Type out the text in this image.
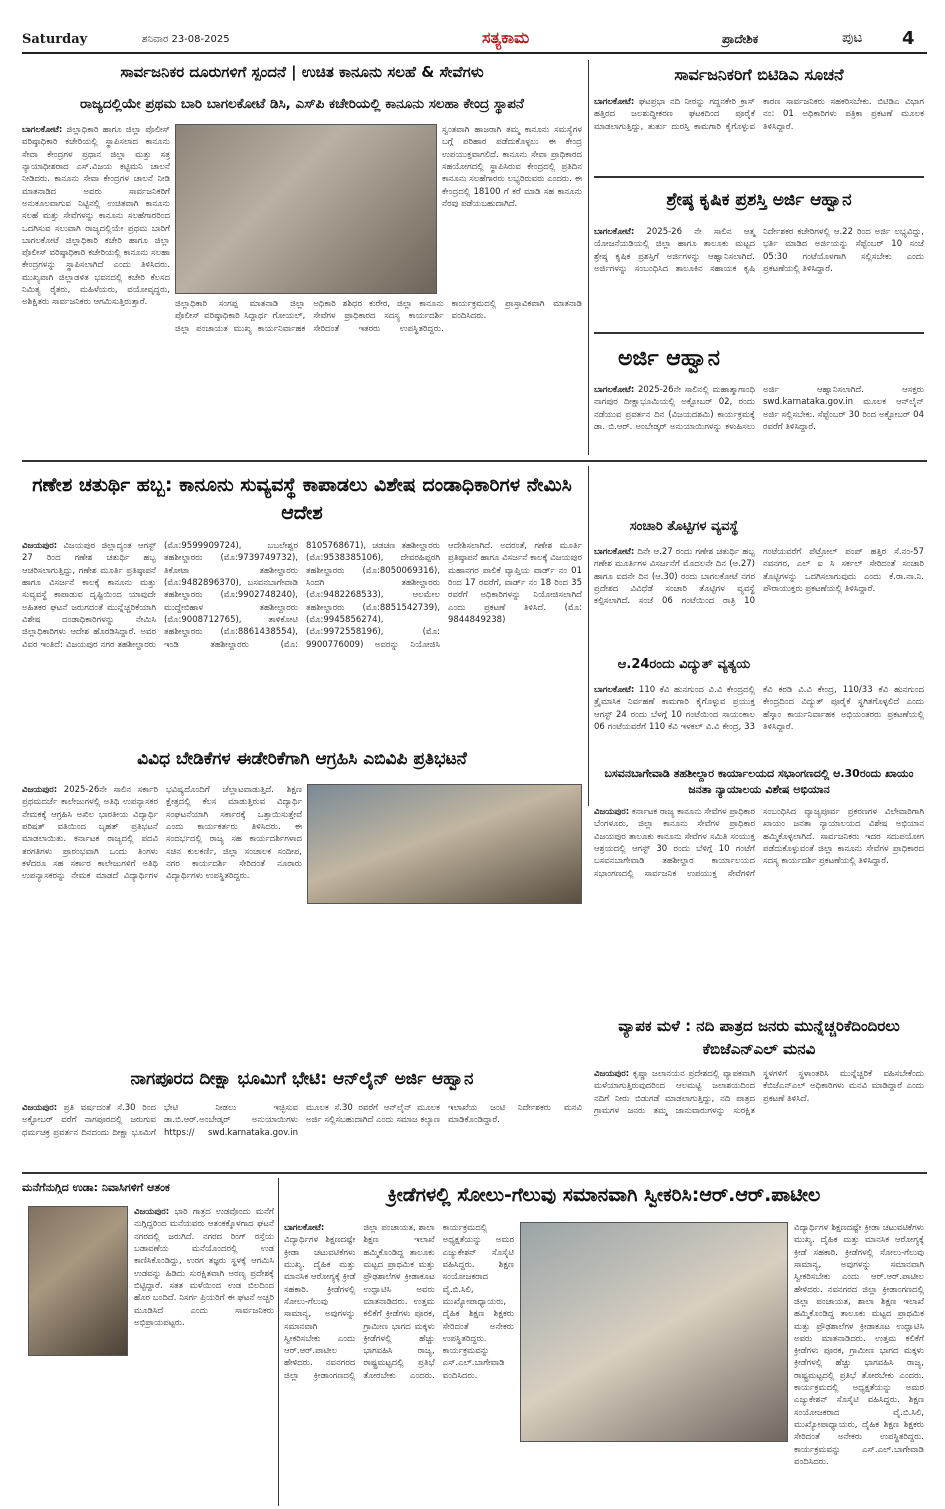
Saturday	ಶನಿವಾರ 23-08-2025	ಸತ್ಯಕಾಮ	ಪ್ರಾದೇಶಿಕ	ಪುಟ 4
ಸಾರ್ವಜನಿಕರ ದೂರುಗಳಿಗೆ ಸ್ಪಂದನೆ | ಉಚಿತ ಕಾನೂನು ಸಲಹೆ & ಸೇವೆಗಳು
ರಾಜ್ಯದಲ್ಲಿಯೇ ಪ್ರಥಮ ಬಾರಿ ಬಾಗಲಕೋಟೆ ಡಿಸಿ, ಎಸ್‌ಪಿ ಕಚೇರಿಯಲ್ಲಿ ಕಾನೂನು ಸಲಹಾ ಕೇಂದ್ರ ಸ್ಥಾಪನೆ
ಬಾಗಲಕೋಟೆ: ಜಿಲ್ಲಾಧಿಕಾರಿ ಹಾಗೂ ಜಿಲ್ಲಾ ಪೊಲೀಸ್ ವರಿಷ್ಠಾಧಿಕಾರಿ ಕಚೇರಿಯಲ್ಲಿ ಸ್ಥಾಪಿಸಲಾದ ಕಾನೂನು ಸೇವಾ ಕೇಂದ್ರಗಳ ಪ್ರಧಾನ ಜಿಲ್ಲಾ ಮತ್ತು ಸತ್ರ ನ್ಯಾಯಾಧೀಶರಾದ ಎಸ್.ವಿಜಯ ಕಟ್ಟಿಮನಿ ಚಾಲನೆ ನೀಡಿದರು. ಕಾನೂನು ಸೇವಾ ಕೇಂದ್ರಗಳ ಚಾಲನೆ ನೀಡಿ ಮಾತನಾಡಿದ ಅವರು ಸಾರ್ವಜನಿಕರಿಗೆ ಅನುಕೂಲವಾಗುವ ನಿಟ್ಟಿನಲ್ಲಿ ಉಚಿತವಾಗಿ ಕಾನೂನು ಸಲಹೆ ಮತ್ತು ಸೇವೆಗಳನ್ನು ಕಾನೂನು ಸಲಹೆಗಾರರಿಂದ ಒದಗಿಸುವ ಸಲುವಾಗಿ ರಾಜ್ಯದಲ್ಲಿಯೇ ಪ್ರಥಮ ಬಾರಿಗೆ ಬಾಗಲಕೋಟೆ ಜಿಲ್ಲಾಧಿಕಾರಿ ಕಚೇರಿ ಹಾಗೂ ಜಿಲ್ಲಾ ಪೊಲೀಸ್ ವರಿಷ್ಠಾಧಿಕಾರಿ ಕಚೇರಿಯಲ್ಲಿ ಕಾನೂನು ಸಲಹಾ ಕೇಂದ್ರಗಳನ್ನು ಸ್ಥಾಪಿಸಲಾಗಿದೆ ಎಂದು ತಿಳಿಸಿದರು. ಮುಖ್ಯವಾಗಿ ಜಿಲ್ಲಾಡಳಿತ ಭವನದಲ್ಲಿ ಕಚೇರಿ ಕೆಲಸದ ನಿಮಿತ್ಯ ರೈತರು, ಮಹಿಳೆಯರು, ವಯೋವೃದ್ಧರು, ಅಶಿಕ್ಷಿತರು ಸಾರ್ವಜನಿಕರು ಆಗಮಿಸುತ್ತಿರುತ್ತಾರೆ.
ಸ್ವಂತವಾಗಿ ಹಾಜರಾಗಿ ತಮ್ಮ ಕಾನೂನು ಸಮಸ್ಯೆಗಳ ಬಗ್ಗೆ ಪರಿಹಾರ ಪಡೆದುಕೊಳ್ಳಲು ಈ ಕೇಂದ್ರ ಉಪಯುಕ್ತವಾಗಲಿದೆ. ಕಾನೂನು ಸೇವಾ ಪ್ರಾಧಿಕಾರದ ಸಹಯೋಗದಲ್ಲಿ ಸ್ಥಾಪಿಸಿರುವ ಕೇಂದ್ರದಲ್ಲಿ ಪ್ರತಿದಿನ ಕಾನೂನು ಸಲಹೆಗಾರರು ಲಭ್ಯರಿರುವರು ಎಂದರು. ಈ ಕೇಂದ್ರದಲ್ಲಿ 18100 ಗೆ ಕರೆ ಮಾಡಿ ಸಹ ಕಾನೂನು ನೆರವು ಪಡೆಯಬಹುದಾಗಿದೆ.
ಜಿಲ್ಲಾಧಿಕಾರಿ ಸಂಗಪ್ಪ ಮಾತನಾಡಿ ಜಿಲ್ಲಾ ಪೊಲೀಸ್ ವರಿಷ್ಠಾಧಿಕಾರಿ ಸಿದ್ದಾರ್ಥ ಗೋಯಲ್, ಜಿಲ್ಲಾ ಪಂಚಾಯತ ಮುಖ್ಯ ಕಾರ್ಯನಿರ್ವಾಹಕ ಅಧಿಕಾರಿ ಶಶಿಧರ ಕುರೇರ, ಜಿಲ್ಲಾ ಕಾನೂನು ಸೇವೆಗಳ ಪ್ರಾಧಿಕಾರದ ಸದಸ್ಯ ಕಾರ್ಯದರ್ಶಿ ಸೇರಿದಂತೆ ಇತರರು ಉಪಸ್ಥಿತರಿದ್ದರು. ಕಾರ್ಯಕ್ರಮದಲ್ಲಿ ಪ್ರಾಸ್ತಾವಿಕವಾಗಿ ಮಾತನಾಡಿ ವಂದಿಸಿದರು.
ಸಾರ್ವಜನಿಕರಿಗೆ ಬಿಟಿಡಿಎ ಸೂಚನೆ
ಬಾಗಲಕೋಟೆ: ಘಟಪ್ರಭಾ ನದಿ ನೀರನ್ನು ಗದ್ದನಕೇರಿ ಕ್ರಾಸ್ ಹತ್ತಿರದ ಜಲಶುದ್ಧೀಕರಣ ಘಟಕದಿಂದ ಪೂರೈಕೆ ಮಾಡಲಾಗುತ್ತಿದ್ದು, ತುರ್ತು ದುರಸ್ತಿ ಕಾಮಗಾರಿ ಕೈಗೊಳ್ಳುವ ಕಾರಣ ಸಾರ್ವಜನಿಕರು ಸಹಕರಿಸಬೇಕು. ಬಿಟಿಡಿಎ ವಿಭಾಗ ನಂ: 01 ಅಧಿಕಾರಿಗಳು ಪತ್ರಿಕಾ ಪ್ರಕಟಣೆ ಮೂಲಕ ತಿಳಿಸಿದ್ದಾರೆ.
ಶ್ರೇಷ್ಠ ಕೃಷಿಕ ಪ್ರಶಸ್ತಿ ಅರ್ಜಿ ಆಹ್ವಾನ
ಬಾಗಲಕೋಟೆ: 2025-26 ನೇ ಸಾಲಿನ ಆತ್ಮ ಯೋಜನೆಯಡಿಯಲ್ಲಿ ಜಿಲ್ಲಾ ಹಾಗೂ ತಾಲೂಕು ಮಟ್ಟದ ಶ್ರೇಷ್ಠ ಕೃಷಿಕ ಪ್ರಶಸ್ತಿಗೆ ಅರ್ಜಿಗಳನ್ನು ಆಹ್ವಾನಿಸಲಾಗಿದೆ. ಅರ್ಜಿಗಳನ್ನು ಸಂಬಂಧಿಸಿದ ತಾಲೂಕಿನ ಸಹಾಯಕ ಕೃಷಿ ನಿರ್ದೇಶಕರ ಕಚೇರಿಗಳಲ್ಲಿ ಆ.22 ರಿಂದ ಅರ್ಜಿ ಲಭ್ಯವಿದ್ದು, ಭರ್ತಿ ಮಾಡಿದ ಅರ್ಜಿಯನ್ನು ಸೆಪ್ಟೆಂಬರ್ 10 ಸಂಜೆ 05:30 ಗಂಟೆಯೊಳಗಾಗಿ ಸಲ್ಲಿಸಬೇಕು ಎಂದು ಪ್ರಕಟಣೆಯಲ್ಲಿ ತಿಳಿಸಿದ್ದಾರೆ.
ಅರ್ಜಿ ಆಹ್ವಾನ
ಬಾಗಲಕೋಟೆ: 2025-26ನೇ ಸಾಲಿನಲ್ಲಿ ಮಹಾತ್ಮಾಗಾಂಧಿ ನಾಗಪುರ ದೀಕ್ಷಾಭೂಮಿಯಲ್ಲಿ ಅಕ್ಟೋಬರ್ 02, ರಂದು ನಡೆಯುವ ಪ್ರವರ್ತನ ದಿನ (ವಿಜಯದಶಮಿ) ಕಾರ್ಯಕ್ರಮಕ್ಕೆ ಡಾ. ಬಿ.ಆರ್. ಅಂಬೇಡ್ಕರ್ ಅನುಯಾಯಿಗಳನ್ನು ಕಳುಹಿಸಲು ಅರ್ಜಿ ಆಹ್ವಾನಿಸಲಾಗಿದೆ. ಆಸಕ್ತರು swd.karnataka.gov.in ಮೂಲಕ ಆನ್‌ಲೈನ್ ಅರ್ಜಿ ಸಲ್ಲಿಸಬೇಕು. ಸೆಪ್ಟೆಂಬರ್ 30 ರಿಂದ ಅಕ್ಟೋಬರ್ 04 ರವರೆಗೆ ತಿಳಿಸಿದ್ದಾರೆ.
ಗಣೇಶ ಚತುರ್ಥಿ ಹಬ್ಬ: ಕಾನೂನು ಸುವ್ಯವಸ್ಥೆ ಕಾಪಾಡಲು ವಿಶೇಷ ದಂಡಾಧಿಕಾರಿಗಳ ನೇಮಿಸಿ ಆದೇಶ
ವಿಜಯಪುರ: ವಿಜಯಪುರ ಜಿಲ್ಲಾದ್ಯಂತ ಆಗಸ್ಟ್ 27 ರಿಂದ ಗಣೇಶ ಚತುರ್ಥಿ ಹಬ್ಬ ಆಚರಿಸಲಾಗುತ್ತಿದ್ದು, ಗಣೇಶ ಮೂರ್ತಿ ಪ್ರತಿಷ್ಠಾಪನೆ ಹಾಗೂ ವಿಸರ್ಜನೆ ಕಾಲಕ್ಕೆ ಕಾನೂನು ಮತ್ತು ಸುವ್ಯವಸ್ಥೆ ಕಾಪಾಡುವ ದೃಷ್ಟಿಯಿಂದ ಯಾವುದೇ ಅಹಿತಕರ ಘಟನೆ ಜರುಗದಂತೆ ಮುನ್ನೆಚ್ಚರಿಕೆಯಾಗಿ ವಿಶೇಷ ದಂಡಾಧಿಕಾರಿಗಳನ್ನು ನೇಮಿಸಿ ಜಿಲ್ಲಾಧಿಕಾರಿಗಳು ಆದೇಶ ಹೊರಡಿಸಿದ್ದಾರೆ. ಅವರ ವಿವರ ಇಂತಿದೆ: ವಿಜಯಪುರ ನಗರ ತಹಶೀಲ್ದಾರರು (ಮೊ:9599909724), ಬಬಲೇಶ್ವರ ತಹಶೀಲ್ದಾರರು (ಮೊ:9739749732), ತಿಕೋಟಾ ತಹಶೀಲ್ದಾರರು (ಮೊ:9482896370), ಬಸವನಬಾಗೇವಾಡಿ ತಹಶೀಲ್ದಾರರು (ಮೊ:9902748240), ಮುದ್ದೇಬಿಹಾಳ ತಹಶೀಲ್ದಾರರು (ಮೊ:9008712765), ತಾಳಿಕೋಟಿ ತಹಶೀಲ್ದಾರರು (ಮೊ:8861438554), ಇಂಡಿ ತಹಶೀಲ್ದಾರರು (ಮೊ: 8105768671), ಚಡಚಣ ತಹಶೀಲ್ದಾರರು (ಮೊ:9538385106), ದೇವರಹಿಪ್ಪರಗಿ ತಹಶೀಲ್ದಾರರು (ಮೊ:8050069316), ಸಿಂದಗಿ ತಹಶೀಲ್ದಾರರು (ಮೊ:9482268533), ಆಲಮೇಲ ತಹಶೀಲ್ದಾರರು (ಮೊ:8851542739), (ಮೊ:9945856274), (ಮೊ:9972558196), (ಮೊ: 9900776009) ಅವರನ್ನು ನಿಯೋಜಿಸಿ ಆದೇಶಿಸಲಾಗಿದೆ. ಅದರಂತೆ, ಗಣೇಶ ಮೂರ್ತಿ ಪ್ರತಿಷ್ಠಾಪನೆ ಹಾಗೂ ವಿಸರ್ಜನೆ ಕಾಲಕ್ಕೆ ವಿಜಯಪುರ ಮಹಾನಗರ ಪಾಲಿಕೆ ವ್ಯಾಪ್ತಿಯ ವಾರ್ಡ್ ನಂ 01 ರಿಂದ 17 ರವರೆಗೆ, ವಾರ್ಡ್ ನಂ 18 ರಿಂದ 35 ರವರೆಗೆ ಅಧಿಕಾರಿಗಳನ್ನು ನಿಯೋಜಿಸಲಾಗಿದೆ ಎಂದು ಪ್ರಕಟಣೆ ತಿಳಿಸಿದೆ. (ಮೊ: 9844849238)
ಸಂಚಾರಿ ತೊಟ್ಟಿಗಳ ವ್ಯವಸ್ಥೆ
ಬಾಗಲಕೋಟೆ: ದಿನೇ ಆ.27 ರಂದು ಗಣೇಶ ಚತುರ್ಥಿ ಹಬ್ಬ ಗಣೇಶ ಮೂರ್ತಿಗಳ ವಿಸರ್ಜನೆಗೆ ಮೊದಲನೇ ದಿನ (ಆ.27) ಹಾಗೂ ಐದನೇ ದಿನ (ಆ.30) ರಂದು ಬಾಗಲಕೋಟೆ ನಗರ ಪ್ರದೇಶದ ವಿವಿಧೆಡೆ ಸಂಚಾರಿ ತೊಟ್ಟಿಗಳ ವ್ಯವಸ್ಥೆ ಕಲ್ಪಿಸಲಾಗಿದೆ. ಸಂಜೆ 06 ಗಂಟೆಯಿಂದ ರಾತ್ರಿ 10 ಗಂಟೆಯವರೆಗೆ ಪೆಟ್ರೋಲ್ ಪಂಪ್ ಹತ್ತಿರ ಸೆ.ನಂ-57 ನವನಗರ, ಎಲ್ ಐ ಸಿ ಸರ್ಕಲ್ ಸೇರಿದಂತೆ ಸಂಚಾರಿ ತೊಟ್ಟಿಗಳನ್ನು ಒದಗಿಸಲಾಗುವುದು ಎಂದು ಕೆ.ರಾ.ನಾ.ನಿ. ಪೌರಾಯುಕ್ತರು ಪ್ರಕಟಣೆಯಲ್ಲಿ ತಿಳಿಸಿದ್ದಾರೆ.
ಆ.24ರಂದು ವಿದ್ಯುತ್ ವ್ಯತ್ಯಯ
ಬಾಗಲಕೋಟೆ: 110 ಕೆವಿ ಹುನಗುಂದ ವಿ.ವಿ ಕೇಂದ್ರದಲ್ಲಿ ತ್ರೈಮಾಸಿಕ ನಿರ್ವಹಣೆ ಕಾಮಗಾರಿ ಕೈಗೊಳ್ಳುವ ಪ್ರಯುಕ್ತ ಆಗಸ್ಟ್ 24 ರಂದು ಬೆಳಗ್ಗೆ 10 ಗಂಟೆಯಿಂದ ಸಾಯಂಕಾಲ 06 ಗಂಟೆಯವರೆಗೆ 110 ಕೆವಿ ಇಳಕಲ್ ವಿ.ವಿ ಕೇಂದ್ರ, 33 ಕೆವಿ ಕರಡಿ ವಿ.ವಿ ಕೇಂದ್ರ, 110/33 ಕೆವಿ ಹುನಗುಂದ ಕೇಂದ್ರದಿಂದ ವಿದ್ಯುತ್ ಪೂರೈಕೆ ಸ್ಥಗಿತಗೊಳ್ಳಲಿದೆ ಎಂದು ಹೆಸ್ಕಾಂ ಕಾರ್ಯನಿರ್ವಾಹಕ ಅಭಿಯಂತರರು ಪ್ರಕಟಣೆಯಲ್ಲಿ ತಿಳಿಸಿದ್ದಾರೆ.
ವಿವಿಧ ಬೇಡಿಕೆಗಳ ಈಡೇರಿಕೆಗಾಗಿ ಆಗ್ರಹಿಸಿ ಎಬಿವಿಪಿ ಪ್ರತಿಭಟನೆ
ವಿಜಯಪುರ: 2025-26ನೇ ಸಾಲಿನ ಸರ್ಕಾರಿ ಪ್ರಥಮದರ್ಜೆ ಕಾಲೇಜುಗಳಲ್ಲಿ ಅತಿಥಿ ಉಪನ್ಯಾಸಕರ ನೇಮಕಕ್ಕೆ ಆಗ್ರಹಿಸಿ ಅಖಿಲ ಭಾರತೀಯ ವಿದ್ಯಾರ್ಥಿ ಪರಿಷತ್ ವತಿಯಿಂದ ಬೃಹತ್ ಪ್ರತಿಭಟನೆ ಮಾಡಲಾಯಿತು. ಕರ್ನಾಟಕ ರಾಜ್ಯದಲ್ಲಿ ಪದವಿ ತರಗತಿಗಳು ಪ್ರಾರಂಭವಾಗಿ ಒಂದು ತಿಂಗಳು ಕಳೆದರೂ ಸಹ ಸರ್ಕಾರ ಕಾಲೇಜುಗಳಿಗೆ ಅತಿಥಿ ಉಪನ್ಯಾಸಕರನ್ನು ನೇಮಕ ಮಾಡದೆ ವಿದ್ಯಾರ್ಥಿಗಳ ಭವಿಷ್ಯದೊಂದಿಗೆ ಚೆಲ್ಲಾಟವಾಡುತ್ತಿದೆ. ಶಿಕ್ಷಣ ಕ್ಷೇತ್ರದಲ್ಲಿ ಕೆಲಸ ಮಾಡುತ್ತಿರುವ ವಿದ್ಯಾರ್ಥಿ ಸಂಘಟನೆಯಾಗಿ ಸರ್ಕಾರಕ್ಕೆ ಒತ್ತಾಯಿಸುತ್ತೇವೆ ಎಂದು ಕಾರ್ಯಕರ್ತರು ತಿಳಿಸಿದರು. ಈ ಸಂದರ್ಭದಲ್ಲಿ ರಾಜ್ಯ ಸಹ ಕಾರ್ಯದರ್ಶಿಗಳಾದ ಸಚಿನ ಕುಲಕರ್ಣಿ, ಜಿಲ್ಲಾ ಸಂಚಾಲಕ ಸಂದೀಪ, ನಗರ ಕಾರ್ಯದರ್ಶಿ ಸೇರಿದಂತೆ ನೂರಾರು ವಿದ್ಯಾರ್ಥಿಗಳು ಉಪಸ್ಥಿತರಿದ್ದರು.
ಬಸವನಬಾಗೇವಾಡಿ ತಹಶೀಲ್ದಾರ ಕಾರ್ಯಾಲಯದ ಸಭಾಂಗಣದಲ್ಲಿ ಆ.30ರಂದು ಖಾಯಂ ಜನತಾ ನ್ಯಾಯಾಲಯ ವಿಶೇಷ ಅಭಿಯಾನ
ವಿಜಯಪುರ: ಕರ್ನಾಟಕ ರಾಜ್ಯ ಕಾನೂನು ಸೇವೆಗಳ ಪ್ರಾಧಿಕಾರ ಬೆಂಗಳೂರು, ಜಿಲ್ಲಾ ಕಾನೂನು ಸೇವೆಗಳ ಪ್ರಾಧಿಕಾರ ವಿಜಯಪುರ ತಾಲೂಕು ಕಾನೂನು ಸೇವೆಗಳ ಸಮಿತಿ ಸಂಯುಕ್ತ ಆಶ್ರಯದಲ್ಲಿ ಆಗಸ್ಟ್ 30 ರಂದು ಬೆಳಿಗ್ಗೆ 10 ಗಂಟೆಗೆ ಬಸವನಬಾಗೇವಾಡಿ ತಹಶೀಲ್ದಾರ ಕಾರ್ಯಾಲಯದ ಸಭಾಂಗಣದಲ್ಲಿ ಸಾರ್ವಜನಿಕ ಉಪಯುಕ್ತ ಸೇವೆಗಳಿಗೆ ಸಂಬಂಧಿಸಿದ ವ್ಯಾಜ್ಯಪೂರ್ವ ಪ್ರಕರಣಗಳ ವಿಲೇವಾರಿಗಾಗಿ ಖಾಯಂ ಜನತಾ ನ್ಯಾಯಾಲಯದ ವಿಶೇಷ ಅಭಿಯಾನ ಹಮ್ಮಿಕೊಳ್ಳಲಾಗಿದೆ. ಸಾರ್ವಜನಿಕರು ಇದರ ಸದುಪಯೋಗ ಪಡೆದುಕೊಳ್ಳುವಂತೆ ಜಿಲ್ಲಾ ಕಾನೂನು ಸೇವೆಗಳ ಪ್ರಾಧಿಕಾರದ ಸದಸ್ಯ ಕಾರ್ಯದರ್ಶಿ ಪ್ರಕಟಣೆಯಲ್ಲಿ ತಿಳಿಸಿದ್ದಾರೆ.
ವ್ಯಾಪಕ ಮಳೆ : ನದಿ ಪಾತ್ರದ ಜನರು ಮುನ್ನೆಚ್ಚರಿಕೆದಿಂದಿರಲು ಕೆಬಿಜೆಎನ್‌ಎಲ್ ಮನವಿ
ವಿಜಯಪುರ: ಕೃಷ್ಣಾ ಜಲಾನಯನ ಪ್ರದೇಶದಲ್ಲಿ ವ್ಯಾಪಕವಾಗಿ ಮಳೆಯಾಗುತ್ತಿರುವುದರಿಂದ ಆಲಮಟ್ಟಿ ಜಲಾಶಯದಿಂದ ನದಿಗೆ ನೀರು ಬಿಡುಗಡೆ ಮಾಡಲಾಗುತ್ತಿದ್ದು, ನದಿ ಪಾತ್ರದ ಗ್ರಾಮಗಳ ಜನರು ತಮ್ಮ ಜಾನುವಾರುಗಳನ್ನು ಸುರಕ್ಷಿತ ಸ್ಥಳಗಳಿಗೆ ಸ್ಥಳಾಂತರಿಸಿ ಮುನ್ನೆಚ್ಚರಿಕೆ ವಹಿಸಬೇಕೆಂದು ಕೆಬಿಜೆಎನ್‌ಎಲ್ ಅಧಿಕಾರಿಗಳು ಮನವಿ ಮಾಡಿದ್ದಾರೆ ಎಂದು ಪ್ರಕಟಣೆ ತಿಳಿಸಿದೆ.
ನಾಗಪೂರದ ದೀಕ್ಷಾ ಭೂಮಿಗೆ ಭೇಟಿ: ಆನ್‌ಲೈನ್ ಅರ್ಜಿ ಆಹ್ವಾನ
ವಿಜಯಪುರ: ಪ್ರತಿ ವರ್ಷದಂತೆ ಸೆ.30 ರಿಂದ ಅಕ್ಟೋಬರ್ ವರೆಗೆ ನಾಗಪೂರದಲ್ಲಿ ಜರುಗುವ ಧರ್ಮಚಕ್ರ ಪ್ರವರ್ತನ ದಿನದಂದು ದೀಕ್ಷಾ ಭೂಮಿಗೆ ಭೇಟಿ ನೀಡಲು ಇಚ್ಛಿಸುವ ಡಾ.ಬಿ.ಆರ್.ಅಂಬೇಡ್ಕರ್ ಅನುಯಾಯಿಗಳು https:// swd.karnataka.gov.in ಮೂಲಕ ಸೆ.30 ರವರೆಗೆ ಆನ್‌ಲೈನ್ ಮೂಲಕ ಅರ್ಜಿ ಸಲ್ಲಿಸಬಹುದಾಗಿದೆ ಎಂದು ಸಮಾಜ ಕಲ್ಯಾಣ ಇಲಾಖೆಯ ಜಂಟಿ ನಿರ್ದೇಶಕರು ಮನವಿ ಮಾಡಿಕೊಂಡಿದ್ದಾರೆ.
ಮನೆಗೆನುಗ್ಗಿದ ಉಡಾ: ನಿವಾಸಿಗಳಿಗೆ ಆತಂಕ
ವಿಜಯಪುರ: ಭಾರಿ ಗಾತ್ರದ ಉಡವೊಂದು ಮನೆಗೆ ನುಗ್ಗಿದ್ದರಿಂದ ಮನೆಯವರು ಆತಂಕಕ್ಕೊಳಗಾದ ಘಟನೆ ನಗರದಲ್ಲಿ ಜರುಗಿದೆ. ನಗರದ ರಿಂಗ್ ರಸ್ತೆಯ ಬಡಾವಣೆಯ ಮನೆಯೊಂದರಲ್ಲಿ ಉಡ ಕಾಣಿಸಿಕೊಂಡಿದ್ದು, ಉರಗ ತಜ್ಞರು ಸ್ಥಳಕ್ಕೆ ಆಗಮಿಸಿ ಉಡವನ್ನು ಹಿಡಿದು ಸುರಕ್ಷಿತವಾಗಿ ಅರಣ್ಯ ಪ್ರದೇಶಕ್ಕೆ ಬಿಟ್ಟಿದ್ದಾರೆ. ಸತತ ಮಳೆಯಿಂದ ಉಡ ಬಿಲದಿಂದ ಹೊರ ಬಂದಿದೆ. ನಿಸರ್ಗ ಪ್ರಿಯರಿಗೆ ಈ ಘಟನೆ ಅಚ್ಚರಿ ಮೂಡಿಸಿದೆ ಎಂದು ಸಾರ್ವಜನಿಕರು ಅಭಿಪ್ರಾಯಪಟ್ಟರು.
ಕ್ರೀಡೆಗಳಲ್ಲಿ ಸೋಲು-ಗೆಲುವು ಸಮಾನವಾಗಿ ಸ್ವೀಕರಿಸಿ:ಆರ್.ಆರ್.ಪಾಟೀಲ
ಬಾಗಲಕೋಟೆ: ವಿದ್ಯಾರ್ಥಿಗಳ ಶಿಕ್ಷಣದಷ್ಟೇ ಕ್ರೀಡಾ ಚಟುವಟಿಕೆಗಳು ಮುಖ್ಯ. ದೈಹಿಕ ಮತ್ತು ಮಾನಸಿಕ ಆರೋಗ್ಯಕ್ಕೆ ಕ್ರೀಡೆ ಸಹಕಾರಿ. ಕ್ರೀಡೆಗಳಲ್ಲಿ ಸೋಲು-ಗೆಲುವು ಸಾಮಾನ್ಯ, ಅವುಗಳನ್ನು ಸಮಾನವಾಗಿ ಸ್ವೀಕರಿಸಬೇಕು ಎಂದು ಆರ್.ಆರ್.ಪಾಟೀಲ ಹೇಳಿದರು. ನವನಗರದ ಜಿಲ್ಲಾ ಕ್ರೀಡಾಂಗಣದಲ್ಲಿ ಜಿಲ್ಲಾ ಪಂಚಾಯತ, ಶಾಲಾ ಶಿಕ್ಷಣ ಇಲಾಖೆ ಹಮ್ಮಿಕೊಂಡಿದ್ದ ತಾಲೂಕು ಮಟ್ಟದ ಪ್ರಾಥಮಿಕ ಮತ್ತು ಪ್ರೌಢಶಾಲೆಗಳ ಕ್ರೀಡಾಕೂಟ ಉದ್ಘಾಟಿಸಿ ಅವರು ಮಾತನಾಡಿದರು. ಉತ್ತಮ ಕಲಿಕೆಗೆ ಕ್ರೀಡೆಗಳು ಪೂರಕ, ಗ್ರಾಮೀಣ ಭಾಗದ ಮಕ್ಕಳು ಕ್ರೀಡೆಗಳಲ್ಲಿ ಹೆಚ್ಚು ಭಾಗವಹಿಸಿ ರಾಜ್ಯ, ರಾಷ್ಟ್ರಮಟ್ಟದಲ್ಲಿ ಪ್ರತಿಭೆ ತೋರಬೇಕು ಎಂದರು. ಕಾರ್ಯಕ್ರಮದಲ್ಲಿ ಅಧ್ಯಕ್ಷತೆಯನ್ನು ಅಮರ ಎಜ್ಯುಕೇಶನ್ ಸೊಸೈಟಿ ವಹಿಸಿದ್ದರು. ಶಿಕ್ಷಣ ಸಂಯೋಜಕರಾದ ವೈ.ಬಿ.ಸಿಲಿ, ಮುಖ್ಯೋಪಾಧ್ಯಾಯರು, ದೈಹಿಕ ಶಿಕ್ಷಣ ಶಿಕ್ಷಕರು ಸೇರಿದಂತೆ ಅನೇಕರು ಉಪಸ್ಥಿತರಿದ್ದರು. ಕಾರ್ಯಕ್ರಮವನ್ನು ಎಸ್.ಎಲ್.ಬಾಗೇವಾಡಿ ವಂದಿಸಿದರು.
ವಿದ್ಯಾರ್ಥಿಗಳ ಶಿಕ್ಷಣದಷ್ಟೇ ಕ್ರೀಡಾ ಚಟುವಟಿಕೆಗಳು ಮುಖ್ಯ. ದೈಹಿಕ ಮತ್ತು ಮಾನಸಿಕ ಆರೋಗ್ಯಕ್ಕೆ ಕ್ರೀಡೆ ಸಹಕಾರಿ. ಕ್ರೀಡೆಗಳಲ್ಲಿ ಸೋಲು-ಗೆಲುವು ಸಾಮಾನ್ಯ, ಅವುಗಳನ್ನು ಸಮಾನವಾಗಿ ಸ್ವೀಕರಿಸಬೇಕು ಎಂದು ಆರ್.ಆರ್.ಪಾಟೀಲ ಹೇಳಿದರು. ನವನಗರದ ಜಿಲ್ಲಾ ಕ್ರೀಡಾಂಗಣದಲ್ಲಿ ಜಿಲ್ಲಾ ಪಂಚಾಯತ, ಶಾಲಾ ಶಿಕ್ಷಣ ಇಲಾಖೆ ಹಮ್ಮಿಕೊಂಡಿದ್ದ ತಾಲೂಕು ಮಟ್ಟದ ಪ್ರಾಥಮಿಕ ಮತ್ತು ಪ್ರೌಢಶಾಲೆಗಳ ಕ್ರೀಡಾಕೂಟ ಉದ್ಘಾಟಿಸಿ ಅವರು ಮಾತನಾಡಿದರು. ಉತ್ತಮ ಕಲಿಕೆಗೆ ಕ್ರೀಡೆಗಳು ಪೂರಕ, ಗ್ರಾಮೀಣ ಭಾಗದ ಮಕ್ಕಳು ಕ್ರೀಡೆಗಳಲ್ಲಿ ಹೆಚ್ಚು ಭಾಗವಹಿಸಿ ರಾಜ್ಯ, ರಾಷ್ಟ್ರಮಟ್ಟದಲ್ಲಿ ಪ್ರತಿಭೆ ತೋರಬೇಕು ಎಂದರು. ಕಾರ್ಯಕ್ರಮದಲ್ಲಿ ಅಧ್ಯಕ್ಷತೆಯನ್ನು ಅಮರ ಎಜ್ಯುಕೇಶನ್ ಸೊಸೈಟಿ ವಹಿಸಿದ್ದರು. ಶಿಕ್ಷಣ ಸಂಯೋಜಕರಾದ ವೈ.ಬಿ.ಸಿಲಿ, ಮುಖ್ಯೋಪಾಧ್ಯಾಯರು, ದೈಹಿಕ ಶಿಕ್ಷಣ ಶಿಕ್ಷಕರು ಸೇರಿದಂತೆ ಅನೇಕರು ಉಪಸ್ಥಿತರಿದ್ದರು. ಕಾರ್ಯಕ್ರಮವನ್ನು ಎಸ್.ಎಲ್.ಬಾಗೇವಾಡಿ ವಂದಿಸಿದರು.
